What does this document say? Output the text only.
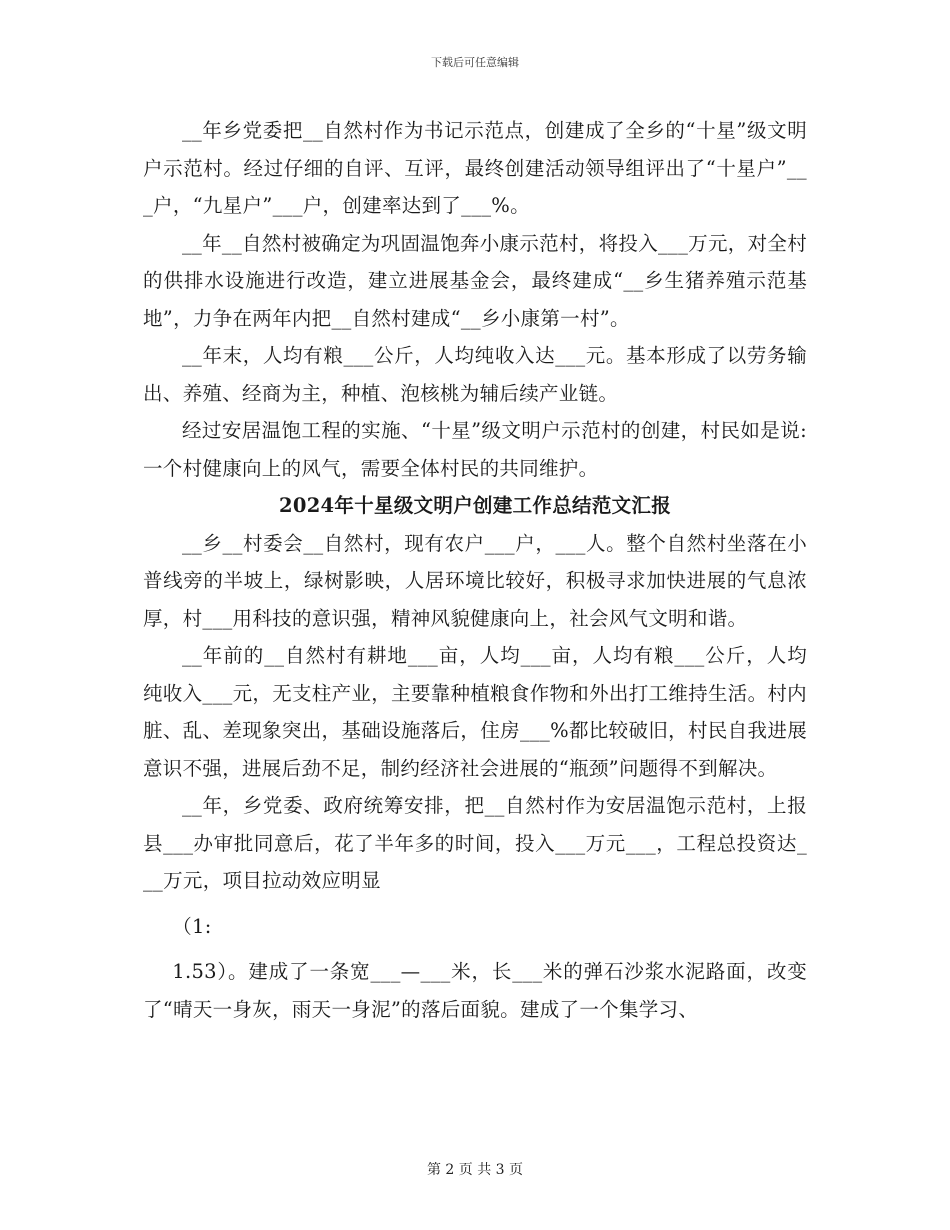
下载后可任意编辑

__年乡党委把__自然村作为书记示范点，创建成了全乡的“十星”级文明户示范村。经过仔细的自评、互评，最终创建活动领导组评出了“十星户”___户，“九星户”___户，创建率达到了___%。

__年__自然村被确定为巩固温饱奔小康示范村，将投入___万元，对全村的供排水设施进行改造，建立进展基金会，最终建成“__乡生猪养殖示范基地”，力争在两年内把__自然村建成“__乡小康第一村”。

__年末，人均有粮___公斤，人均纯收入达___元。基本形成了以劳务输出、养殖、经商为主，种植、泡核桃为辅后续产业链。

经过安居温饱工程的实施、“十星”级文明户示范村的创建，村民如是说:一个村健康向上的风气，需要全体村民的共同维护。

2024年十星级文明户创建工作总结范文汇报

__乡__村委会__自然村，现有农户___户，___人。整个自然村坐落在小普线旁的半坡上，绿树影映，人居环境比较好，积极寻求加快进展的气息浓厚，村___用科技的意识强，精神风貌健康向上，社会风气文明和谐。

__年前的__自然村有耕地___亩，人均___亩，人均有粮___公斤，人均纯收入___元，无支柱产业，主要靠种植粮食作物和外出打工维持生活。村内脏、乱、差现象突出，基础设施落后，住房___%都比较破旧，村民自我进展意识不强，进展后劲不足，制约经济社会进展的“瓶颈”问题得不到解决。

__年，乡党委、政府统筹安排，把__自然村作为安居温饱示范村，上报县___办审批同意后，花了半年多的时间，投入___万元___，工程总投资达___万元，项目拉动效应明显

（1:

1.53）。建成了一条宽___—___米，长___米的弹石沙浆水泥路面，改变了“晴天一身灰，雨天一身泥”的落后面貌。建成了一个集学习、

第 2 页 共 3 页
